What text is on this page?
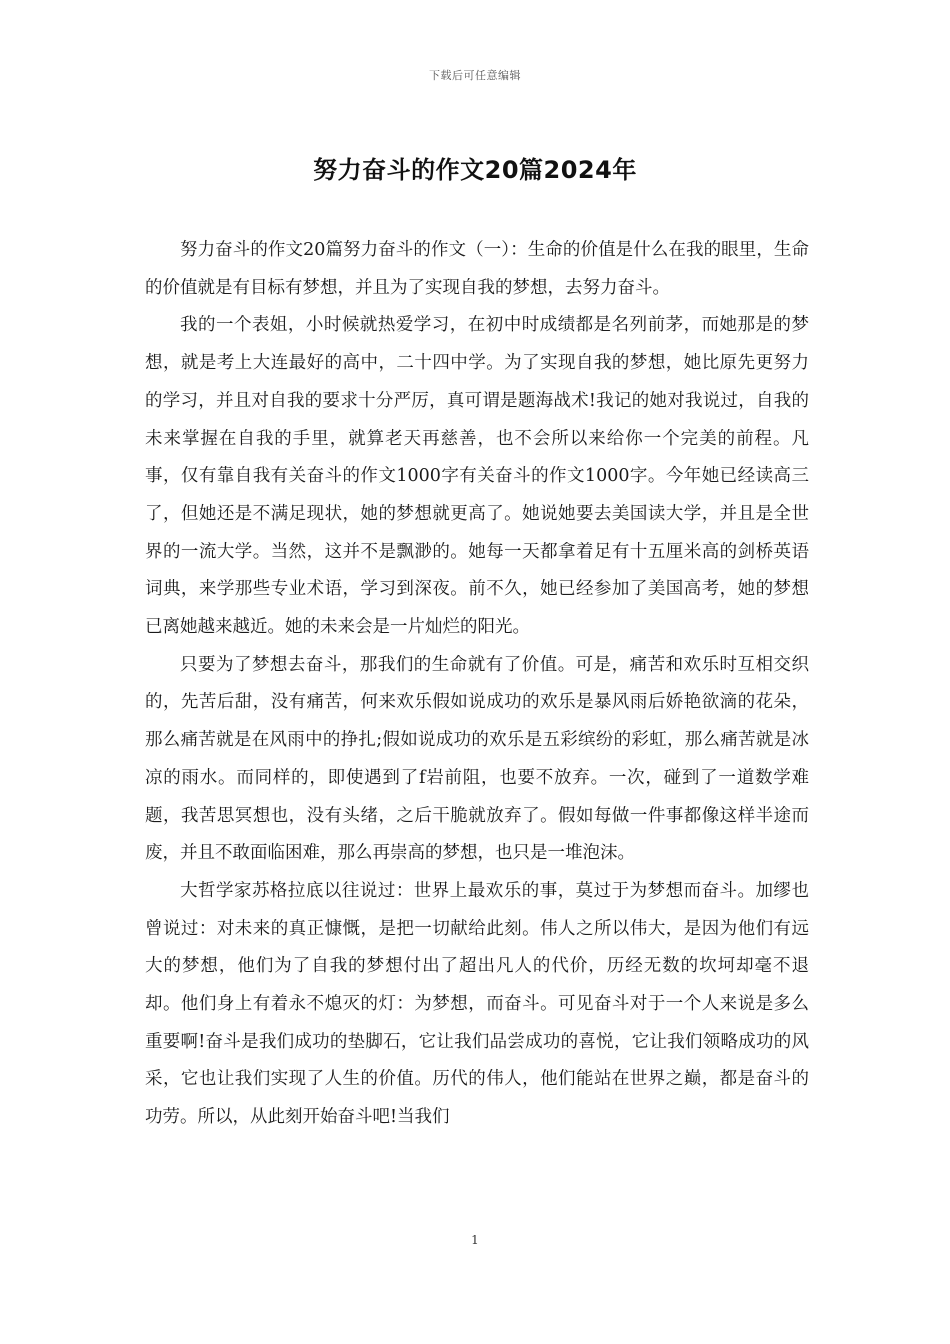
下载后可任意编辑
努力奋斗的作文20篇2024年

努力奋斗的作文20篇努力奋斗的作文（一）：生命的价值是什么在我的眼里，生命的价值就是有目标有梦想，并且为了实现自我的梦想，去努力奋斗。

我的一个表姐，小时候就热爱学习，在初中时成绩都是名列前茅，而她那是的梦想，就是考上大连最好的高中，二十四中学。为了实现自我的梦想，她比原先更努力的学习，并且对自我的要求十分严厉，真可谓是题海战术!我记的她对我说过，自我的未来掌握在自我的手里，就算老天再慈善，也不会所以来给你一个完美的前程。凡事，仅有靠自我有关奋斗的作文1000字有关奋斗的作文1000字。今年她已经读高三了，但她还是不满足现状，她的梦想就更高了。她说她要去美国读大学，并且是全世界的一流大学。当然，这并不是飘渺的。她每一天都拿着足有十五厘米高的剑桥英语词典，来学那些专业术语，学习到深夜。前不久，她已经参加了美国高考，她的梦想已离她越来越近。她的未来会是一片灿烂的阳光。

只要为了梦想去奋斗，那我们的生命就有了价值。可是，痛苦和欢乐时互相交织的，先苦后甜，没有痛苦，何来欢乐假如说成功的欢乐是暴风雨后娇艳欲滴的花朵，那么痛苦就是在风雨中的挣扎;假如说成功的欢乐是五彩缤纷的彩虹，那么痛苦就是冰凉的雨水。而同样的，即使遇到了f岩前阻，也要不放弃。一次，碰到了一道数学难题，我苦思冥想也，没有头绪，之后干脆就放弃了。假如每做一件事都像这样半途而废，并且不敢面临困难，那么再崇高的梦想，也只是一堆泡沫。

大哲学家苏格拉底以往说过：世界上最欢乐的事，莫过于为梦想而奋斗。加缪也曾说过：对未来的真正慷慨，是把一切献给此刻。伟人之所以伟大，是因为他们有远大的梦想，他们为了自我的梦想付出了超出凡人的代价，历经无数的坎坷却毫不退却。他们身上有着永不熄灭的灯：为梦想，而奋斗。可见奋斗对于一个人来说是多么重要啊!奋斗是我们成功的垫脚石，它让我们品尝成功的喜悦，它让我们领略成功的风采，它也让我们实现了人生的价值。历代的伟人，他们能站在世界之巅，都是奋斗的功劳。所以，从此刻开始奋斗吧!当我们

1
